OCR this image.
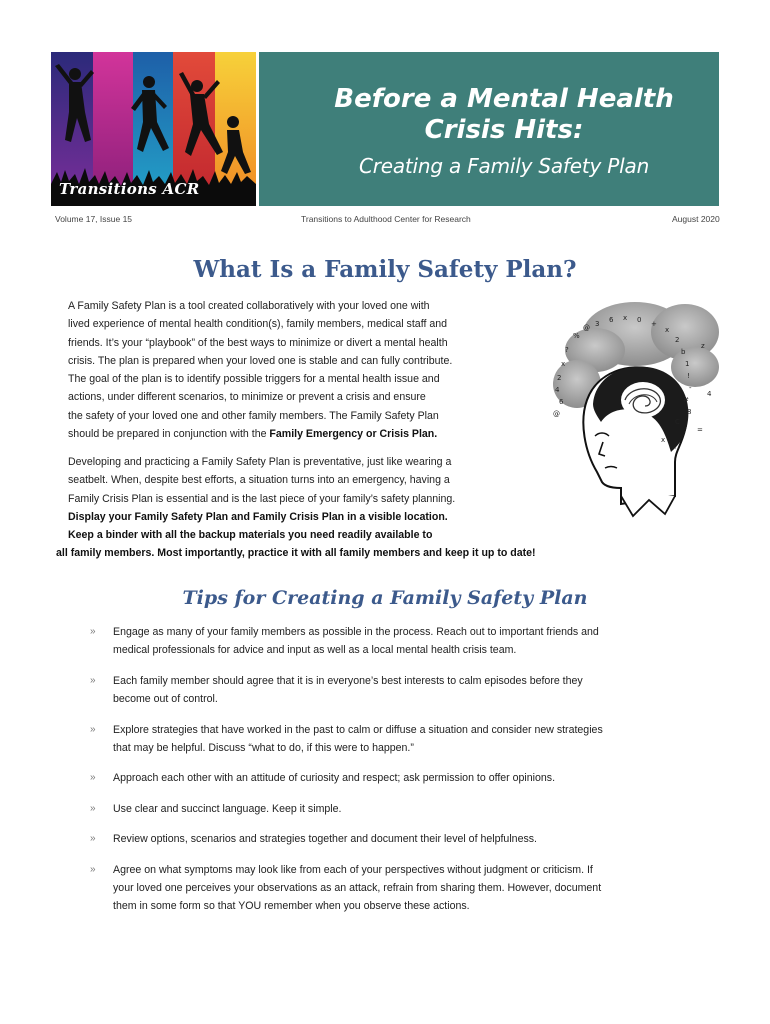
Transitions ACR
Before a Mental Health
Crisis Hits:
Creating a Family Safety Plan
Volume 17, Issue 15	Transitions to Adulthood Center for Research	August 2020
What Is a Family Safety Plan?
A Family Safety Plan is a tool created collaboratively with your loved one with
lived experience of mental health condition(s), family members, medical staff and
friends. It’s your “playbook” of the best ways to minimize or divert a mental health
crisis. The plan is prepared when your loved one is stable and can fully contribute.
The goal of the plan is to identify possible triggers for a mental health issue and
actions, under different scenarios, to minimize or prevent a crisis and ensure
the safety of your loved one and other family members. The Family Safety Plan
should be prepared in conjunction with the Family Emergency or Crisis Plan.
%
@ 3 6 x 0 +
x
2
b
1
!
-
#
8
C
?
x
2
4
6
@
x
^
=
z
4
Developing and practicing a Family Safety Plan is preventative, just like wearing a
seatbelt. When, despite best efforts, a situation turns into an emergency, having a
Family Crisis Plan is essential and is the last piece of your family’s safety planning.
Display your Family Safety Plan and Family Crisis Plan in a visible location.
Keep a binder with all the backup materials you need readily available to
all family members. Most importantly, practice it with all family members and keep it up to date!
Tips for Creating a Family Safety Plan
» Engage as many of your family members as possible in the process. Reach out to important friends and
medical professionals for advice and input as well as a local mental health crisis team.
» Each family member should agree that it is in everyone’s best interests to calm episodes before they
become out of control.
» Explore strategies that have worked in the past to calm or diffuse a situation and consider new strategies
that may be helpful. Discuss “what to do, if this were to happen.”
» Approach each other with an attitude of curiosity and respect; ask permission to offer opinions.
» Use clear and succinct language. Keep it simple.
» Review options, scenarios and strategies together and document their level of helpfulness.
» Agree on what symptoms may look like from each of your perspectives without judgment or criticism. If
your loved one perceives your observations as an attack, refrain from sharing them. However, document
them in some form so that YOU remember when you observe these actions.
